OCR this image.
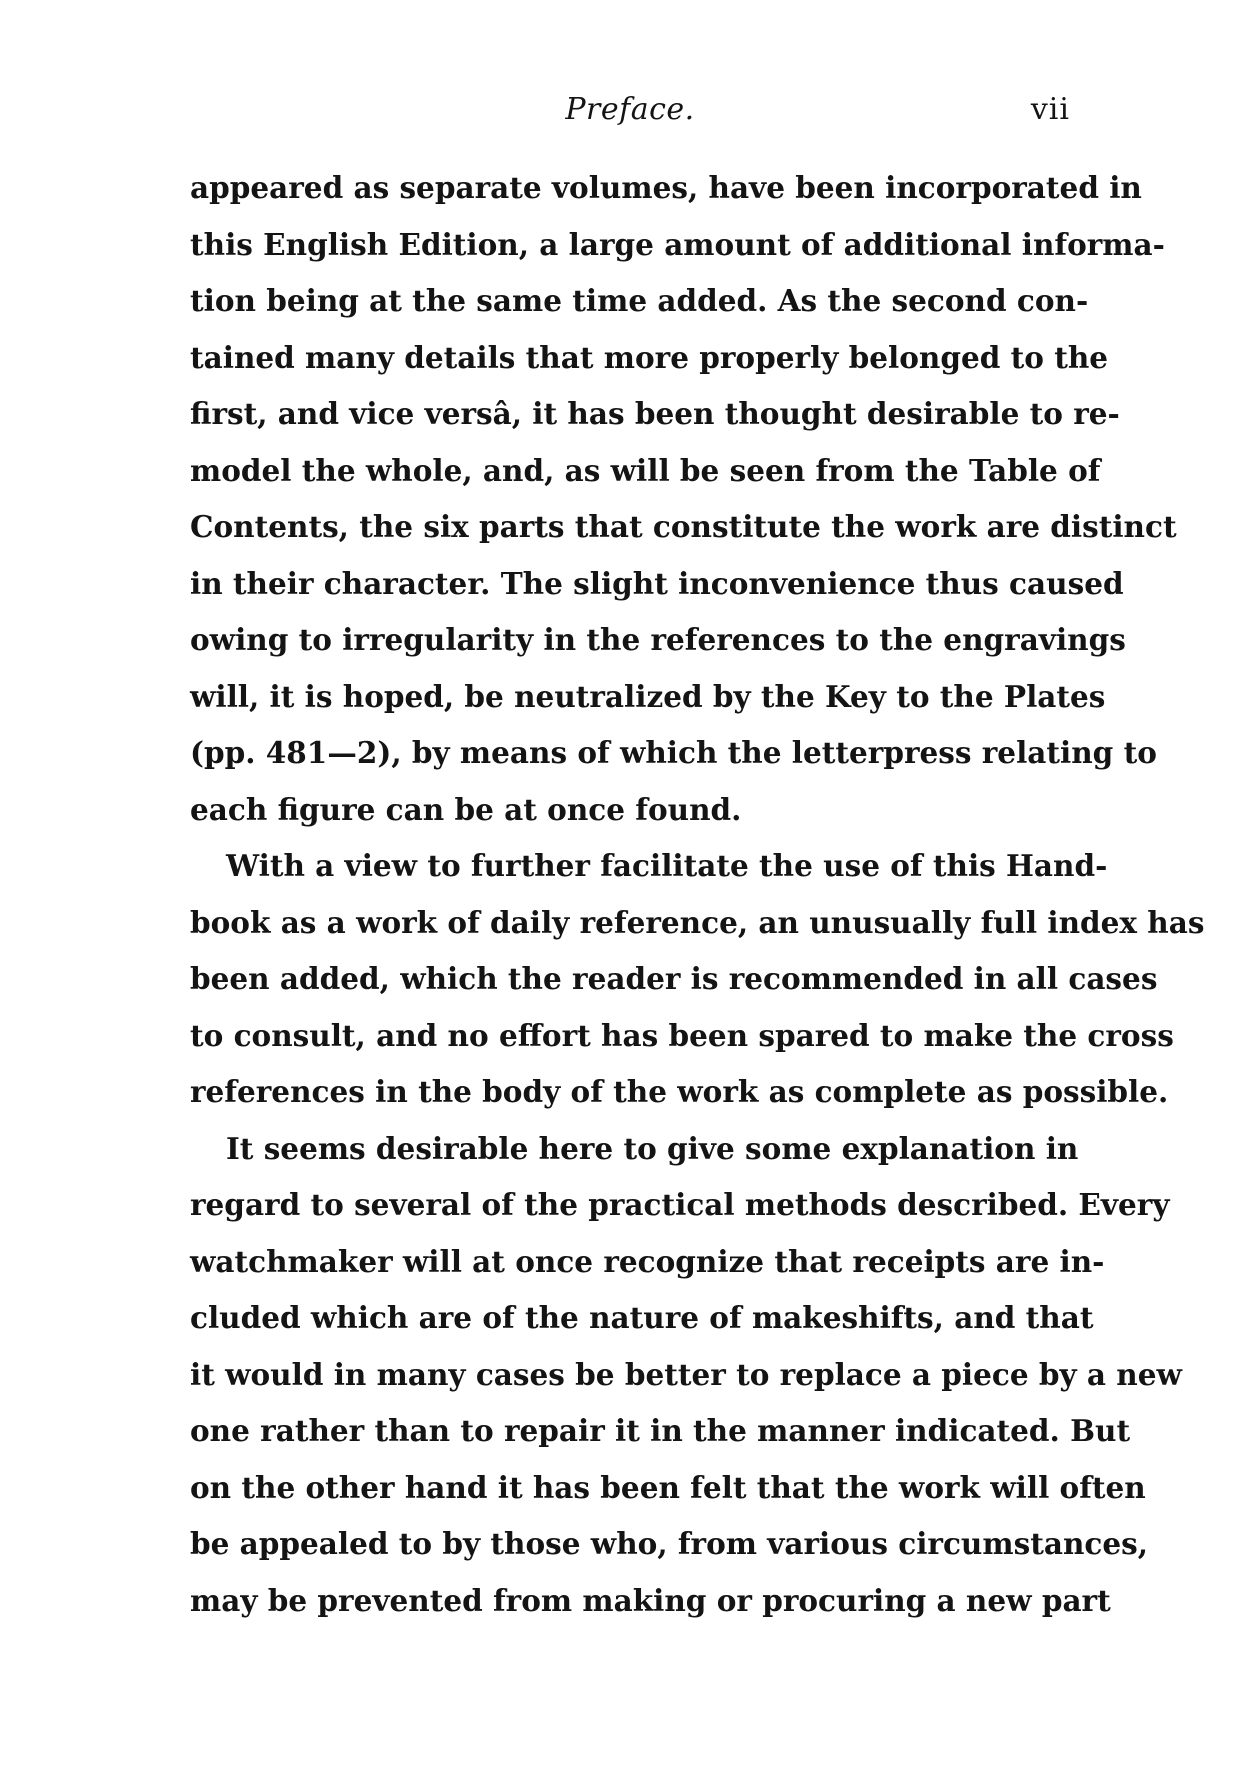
Preface.	vii
appeared as separate volumes, have been incorporated in
this English Edition, a large amount of additional informa-
tion being at the same time added. As the second con-
tained many details that more properly belonged to the
first, and vice versâ, it has been thought desirable to re-
model the whole, and, as will be seen from the Table of
Contents, the six parts that constitute the work are distinct
in their character. The slight inconvenience thus caused
owing to irregularity in the references to the engravings
will, it is hoped, be neutralized by the Key to the Plates
(pp. 481—2), by means of which the letterpress relating to
each figure can be at once found.
With a view to further facilitate the use of this Hand-
book as a work of daily reference, an unusually full index has
been added, which the reader is recommended in all cases
to consult, and no effort has been spared to make the cross
references in the body of the work as complete as possible.
It seems desirable here to give some explanation in
regard to several of the practical methods described. Every
watchmaker will at once recognize that receipts are in-
cluded which are of the nature of makeshifts, and that
it would in many cases be better to replace a piece by a new
one rather than to repair it in the manner indicated. But
on the other hand it has been felt that the work will often
be appealed to by those who, from various circumstances,
may be prevented from making or procuring a new part
